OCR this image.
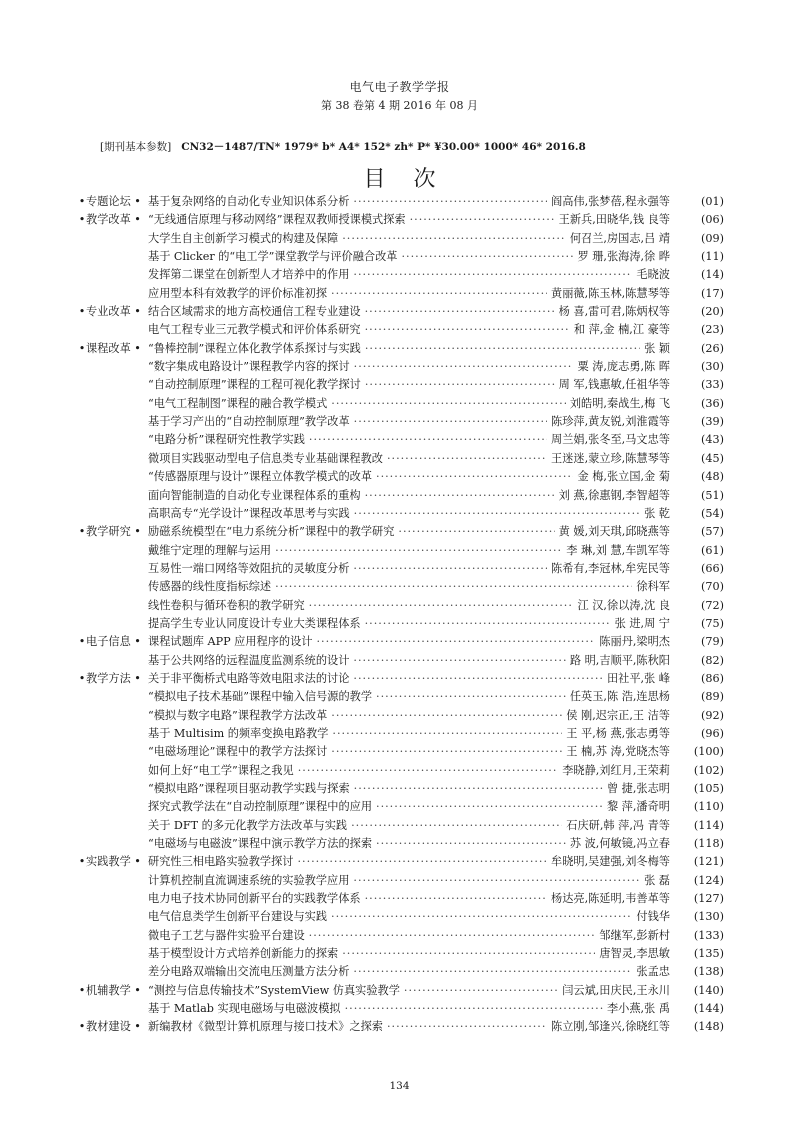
电气电子教学学报
第 38 卷第 4 期 2016 年 08 月
[期刊基本参数] CN32－1487/TN* 1979* b* A4* 152* zh* P* ¥30.00* 1000* 46* 2016.8
目次
• 专题论坛 • 基于复杂网络的自动化专业知识体系分析 ·····	阎高伟,张梦蓓,程永强等	(01)
• 教学改革 • “无线通信原理与移动网络”课程双教师授课模式探索 ·····	王新兵,田晓华,钱 良等	(06)
大学生自主创新学习模式的构建及保障 ·····	何召兰,房国志,吕 靖	(09)
基于 Clicker 的“电工学”课堂教学与评价融合改革 ·····	罗 珊,张海涛,徐 晔	(11)
发挥第二课堂在创新型人才培养中的作用 ·····	毛晓波	(14)
应用型本科有效教学的评价标准初探 ·····	黄丽薇,陈玉林,陈慧琴等	(17)
• 专业改革 • 结合区域需求的地方高校通信工程专业建设 ·····	杨 喜,雷可君,陈炳权等	(20)
电气工程专业三元教学模式和评价体系研究 ·····	和 萍,金 楠,江 豪等	(23)
• 课程改革 • “鲁棒控制”课程立体化教学体系探讨与实践 ·····	张 颖	(26)
“数字集成电路设计”课程教学内容的探讨 ·····	粟 涛,庞志勇,陈 晖	(30)
“自动控制原理”课程的工程可视化教学探讨 ·····	周 军,钱惠敏,任祖华等	(33)
“电气工程制图”课程的融合教学模式 ·····	刘皓明,秦战生,梅 飞	(36)
基于学习产出的“自动控制原理”教学改革 ·····	陈珍萍,黄友锐,刘淮霞等	(39)
“电路分析”课程研究性教学实践 ·····	周兰娟,张冬至,马文忠等	(43)
微项目实践驱动型电子信息类专业基础课程教改 ·····	王迷迷,蒙立珍,陈慧琴等	(45)
“传感器原理与设计”课程立体教学模式的改革 ·····	金 梅,张立国,金 菊	(48)
面向智能制造的自动化专业课程体系的重构 ·····	刘 燕,徐惠钢,李智超等	(51)
高职高专“光学设计”课程改革思考与实践 ·····	张 乾	(54)
• 教学研究 • 励磁系统模型在“电力系统分析”课程中的教学研究 ·····	黄 媛,刘天琪,邱晓燕等	(57)
戴维宁定理的理解与运用 ·····	李 琳,刘 慧,车凯军等	(61)
互易性一端口网络等效阻抗的灵敏度分析 ·····	陈希有,李冠林,牟宪民等	(66)
传感器的线性度指标综述 ·····	徐科军	(70)
线性卷积与循环卷积的教学研究 ·····	江 汉,徐以涛,沈 良	(72)
提高学生专业认同度设计专业大类课程体系 ·····	张 进,周 宁	(75)
• 电子信息 • 课程试题库 APP 应用程序的设计 ·····	陈丽丹,梁明杰	(79)
基于公共网络的远程温度监测系统的设计 ·····	路 明,吉顺平,陈秋阳	(82)
• 教学方法 • 关于非平衡桥式电路等效电阻求法的讨论 ·····	田社平,张 峰	(86)
“模拟电子技术基础”课程中输入信号源的教学 ·····	任英玉,陈 浩,连思杨	(89)
“模拟与数字电路”课程教学方法改革 ·····	侯 刚,迟宗正,王 洁等	(92)
基于 Multisim 的频率变换电路教学 ·····	王 平,杨 燕,张志勇等	(96)
“电磁场理论”课程中的教学方法探讨 ·····	王 楠,苏 涛,党晓杰等	(100)
如何上好“电工学”课程之我见 ·····	李晓静,刘红月,王荣莉	(102)
“模拟电路”课程项目驱动教学实践与探索 ·····	曾 捷,张志明	(105)
探究式教学法在“自动控制原理”课程中的应用 ·····	黎 萍,潘奇明	(110)
关于 DFT 的多元化教学方法改革与实践 ·····	石庆研,韩 萍,冯 青等	(114)
“电磁场与电磁波”课程中演示教学方法的探索 ·····	苏 波,何敏镜,冯立春	(118)
• 实践教学 • 研究性三相电路实验教学探讨 ·····	牟晓明,吴建强,刘冬梅等	(121)
计算机控制直流调速系统的实验教学应用 ·····	张 磊	(124)
电力电子技术协同创新平台的实践教学体系 ·····	杨达亮,陈延明,韦善革等	(127)
电气信息类学生创新平台建设与实践 ·····	付钱华	(130)
微电子工艺与器件实验平台建设 ·····	邹继军,彭新村	(133)
基于模型设计方式培养创新能力的探索 ·····	唐智灵,李思敏	(135)
差分电路双端输出交流电压测量方法分析 ·····	张孟忠	(138)
• 机辅教学 • “测控与信息传输技术”SystemView 仿真实验教学 ·····	闫云斌,田庆民,王永川	(140)
基于 Matlab 实现电磁场与电磁波模拟 ·····	李小燕,张 禹	(144)
• 教材建设 • 新编教材《微型计算机原理与接口技术》之探索 ·····	陈立刚,邹逢兴,徐晓红等	(148)
134
